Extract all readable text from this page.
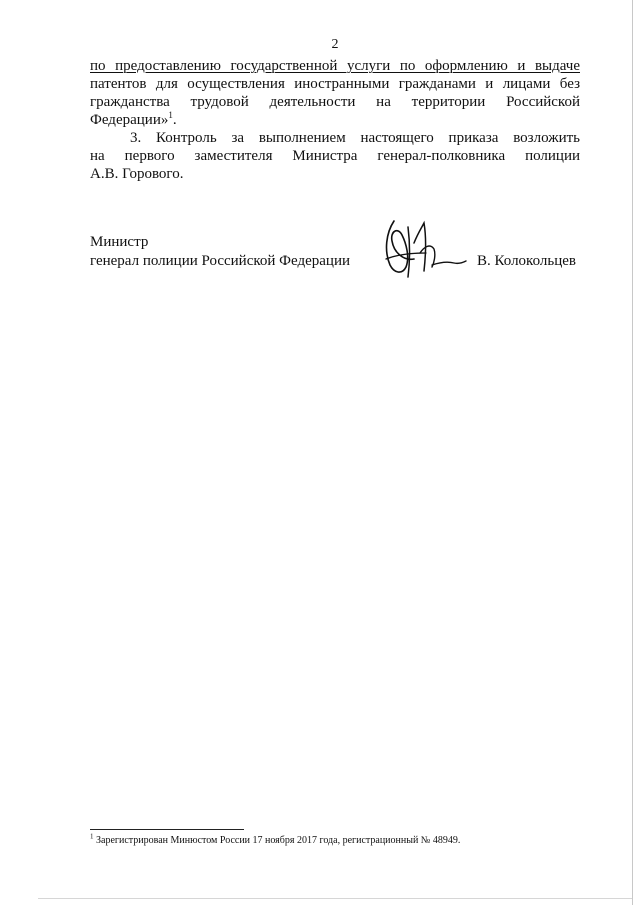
2

по предоставлению государственной услуги по оформлению и выдаче
патентов для осуществления иностранными гражданами и лицами без
гражданства трудовой деятельности на территории Российской
Федерации»$^1$.

3. Контроль за выполнением настоящего приказа возложить
на первого заместителя Министра генерал-полковника полиции
А.В. Горового.

Министр
генерал полиции Российской Федерации	В. Колокольцев
$^1$ Зарегистрирован Минюстом России 17 ноября 2017 года, регистрационный № 48949.
